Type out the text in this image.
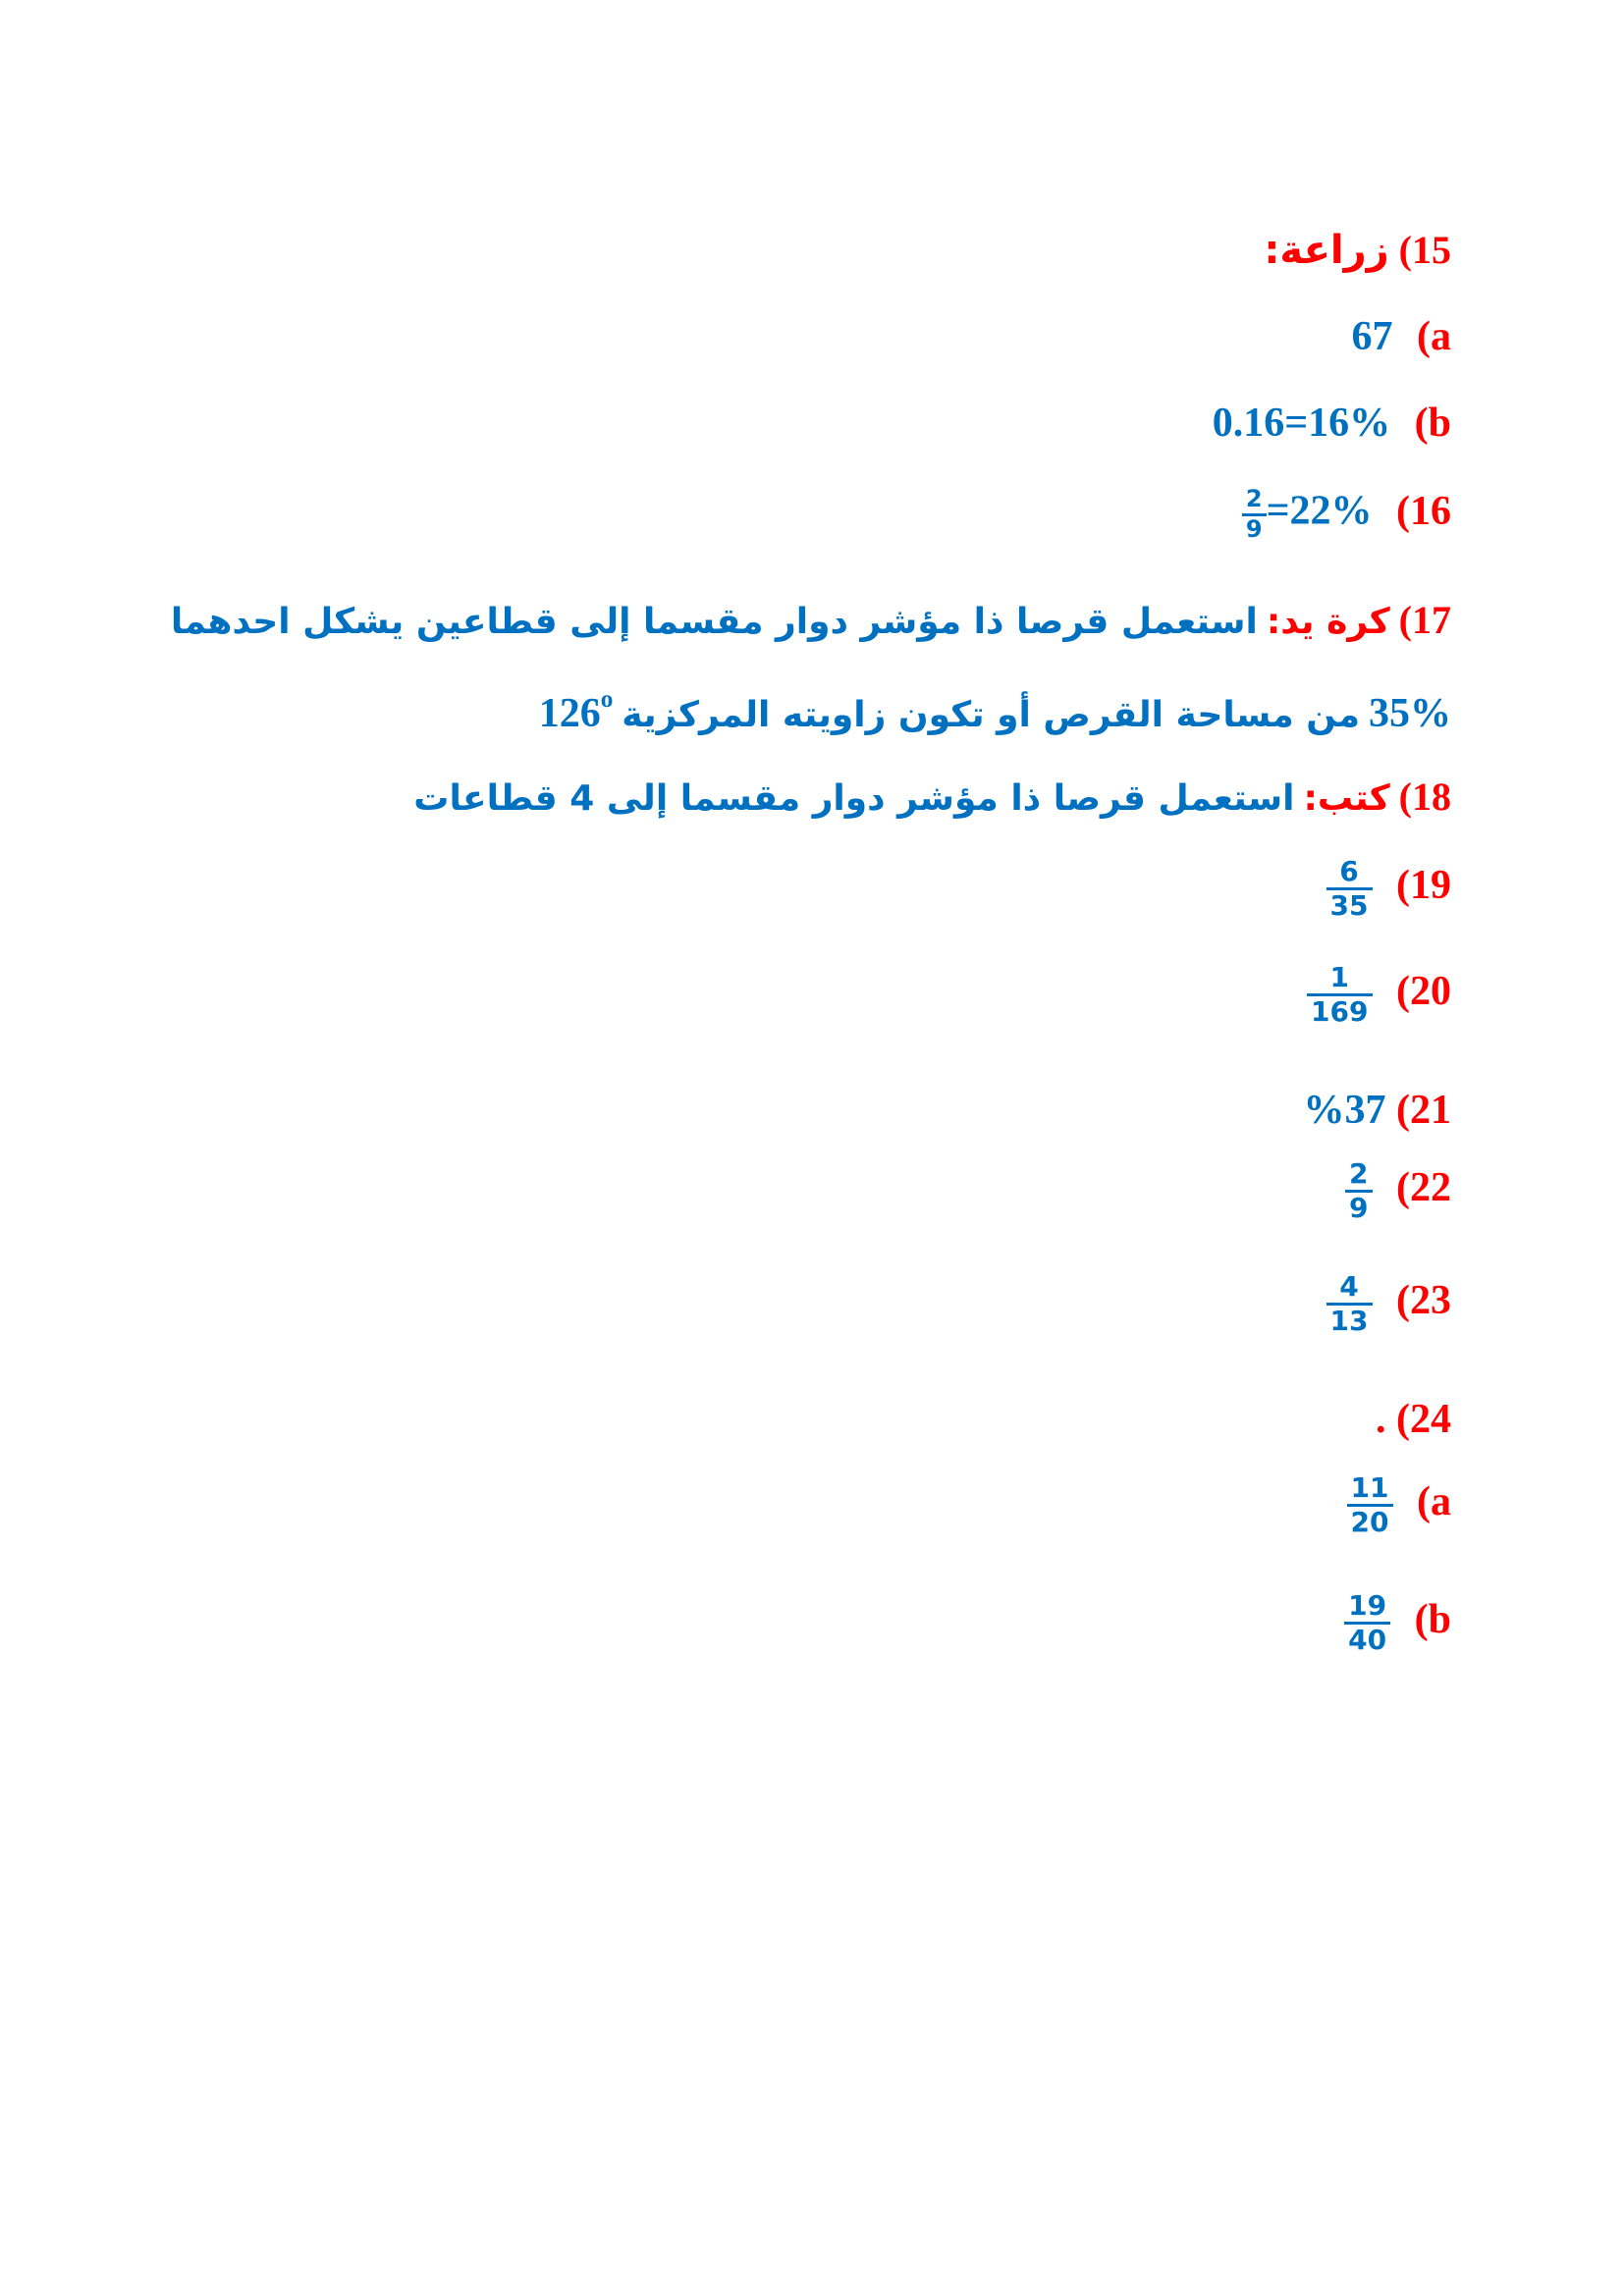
15) زراعة:
(a 67
(b 0.16=16%
(16
$\frac{2}{9} =22\%$
17) كرة يد: استعمل قرصا ذا مؤشر دوار مقسما إلى قطاعين يشكل احدهما
35% من مساحة القرص أو تكون زاويته المركزية 126$^o$
18) كتب: استعمل قرصا ذا مؤشر دوار مقسما إلى 4 قطاعات
(19
$\frac{6}{35}$
(20
$\frac{1}{169}$
(21 %37
(22
$\frac{2}{9}$
(23
$\frac{4}{13}$
. (24
(a
$\frac{11}{20}$
(b
$\frac{19}{40}$
